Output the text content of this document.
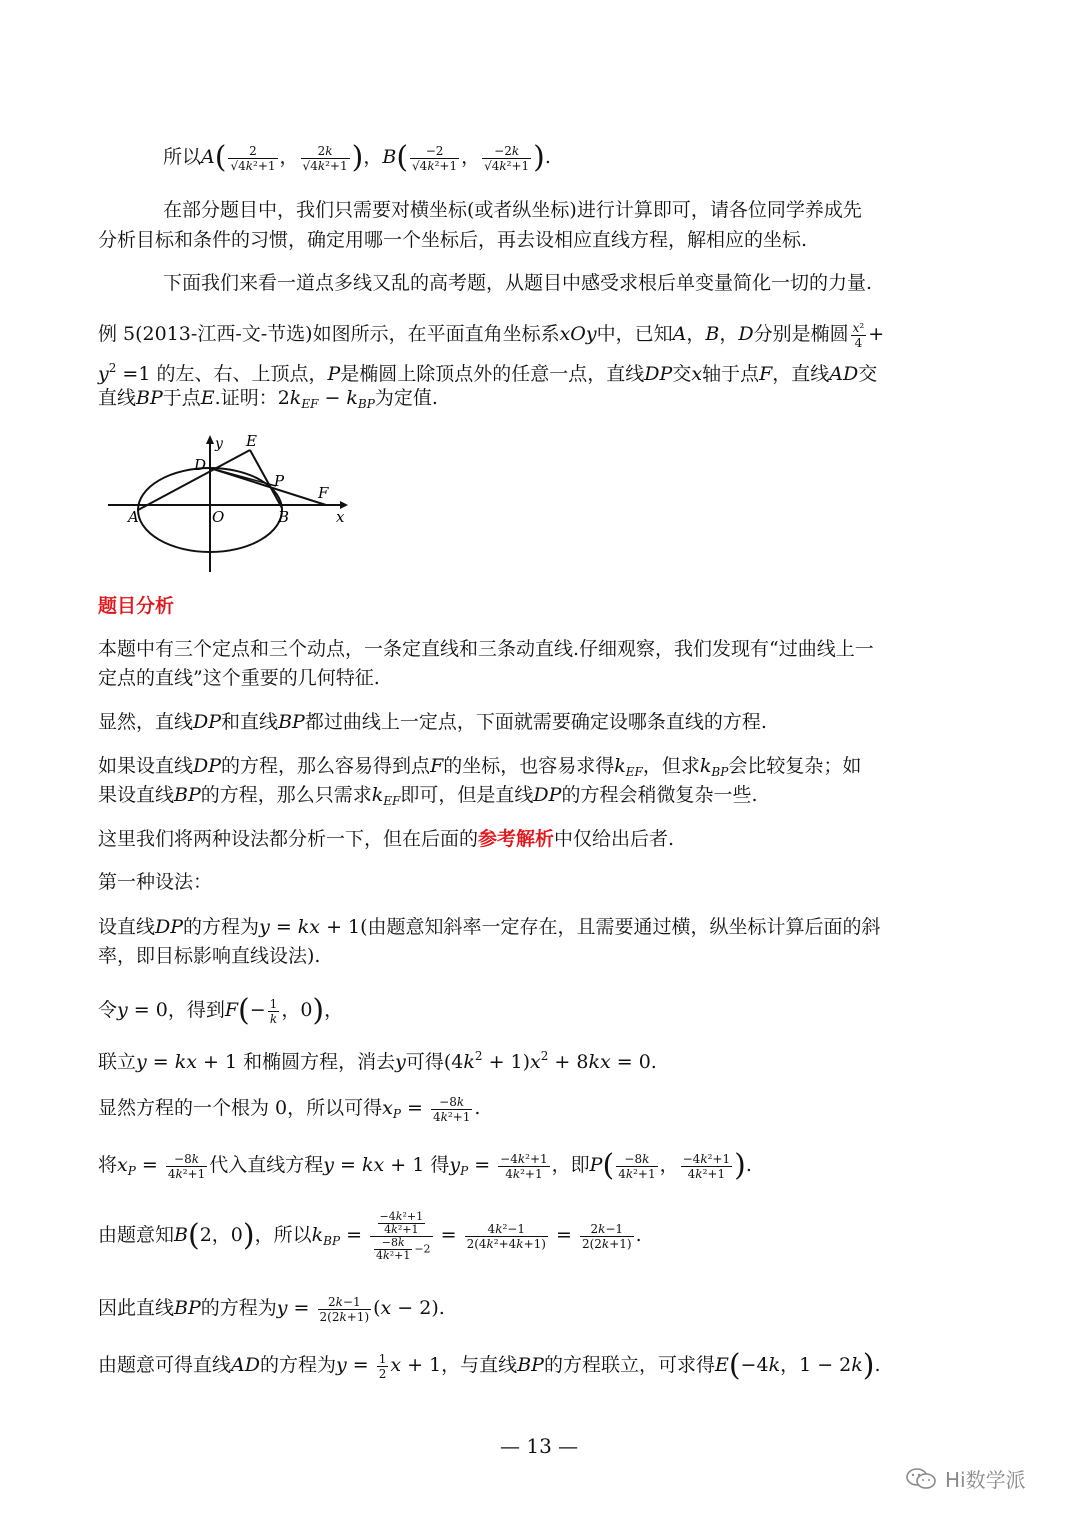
所以$A( \frac{2}{\text{√4k²+1}}$ ， $\frac{2k}{\text{√4k²+1}}$ )，$B( \frac{-2}{\text{√4k²+1}}$ ， $\frac{-2k}{\text{√4k²+1}}$ ).
在部分题目中，我们只需要对横坐标(或者纵坐标)进行计算即可，请各位同学养成先
分析目标和条件的习惯，确定用哪一个坐标后，再去设相应直线方程，解相应的坐标.
下面我们来看一道点多线又乱的高考题，从题目中感受求根后单变量简化一切的力量.
例 5(2013-江西-文-节选)如图所示，在平面直角坐标系xOy中，已知A，B，D分别是椭圆 $\frac{\text{x²}}{4}$ +
$y^2 =1$ 的左、右、上顶点，P是椭圆上除顶点外的任意一点，直线DP交x轴于点F，直线AD交
直线BP于点E.证明：$2k_{EF} - k_{BP}$为定值.
y E
D
P
F
A	O	B	x
题目分析
本题中有三个定点和三个动点，一条定直线和三条动直线.仔细观察，我们发现有“过曲线上一
定点的直线”这个重要的几何特征.
显然，直线DP和直线BP都过曲线上一定点，下面就需要确定设哪条直线的方程.
如果设直线DP的方程，那么容易得到点F的坐标，也容易求得$k_{EF}$，但求$k_{BP}$会比较复杂；如
果设直线BP的方程，那么只需求$k_{EF}$即可，但是直线DP的方程会稍微复杂一些.
这里我们将两种设法都分析一下，但在后面的参考解析中仅给出后者.
第一种设法：
设直线DP的方程为y = kx + 1(由题意知斜率一定存在，且需要通过横，纵坐标计算后面的斜
率，即目标影响直线设法).
令y = 0，得到$F(- \frac{1}{k}$ ，0)，
联立y = kx + 1 和椭圆方程，消去y可得$(4k^2 + 1)x^2 + 8kx = 0$.
显然方程的一个根为 0，所以可得$x_P = \frac{-8k}{\text{4k²+1}}$ .
将$x_P = \frac{-8k}{\text{4k²+1}}$ 代入直线方程y = kx + 1 得$y_P = \frac{\text{−4k²+1}}{\text{4k²+1}}$ ，即$P( \frac{-8k}{\text{4k²+1}}$ ， $\frac{\text{−4k²+1}}{\text{4k²+1}}$ ).
由题意知B(2，0)，所以$k_{BP} = \frac{\frac{\text{−4k²+1}}{\text{4k²+1}}}{\frac{-8k}{\text{4k²+1}} -2} = \frac{\text{4k²−1}}{\text{2(4k²+4k+1)}} = \frac{2k-1}{2(2k+1)}$ .
因此直线BP的方程为$y = \frac{2k-1}{2(2k+1)} (x - 2)$.
由题意可得直线AD的方程为$y = \frac{1}{2}$ x + 1，与直线BP的方程联立，可求得E(−4k，1 − 2k).
— 13 —
Hi数学派
